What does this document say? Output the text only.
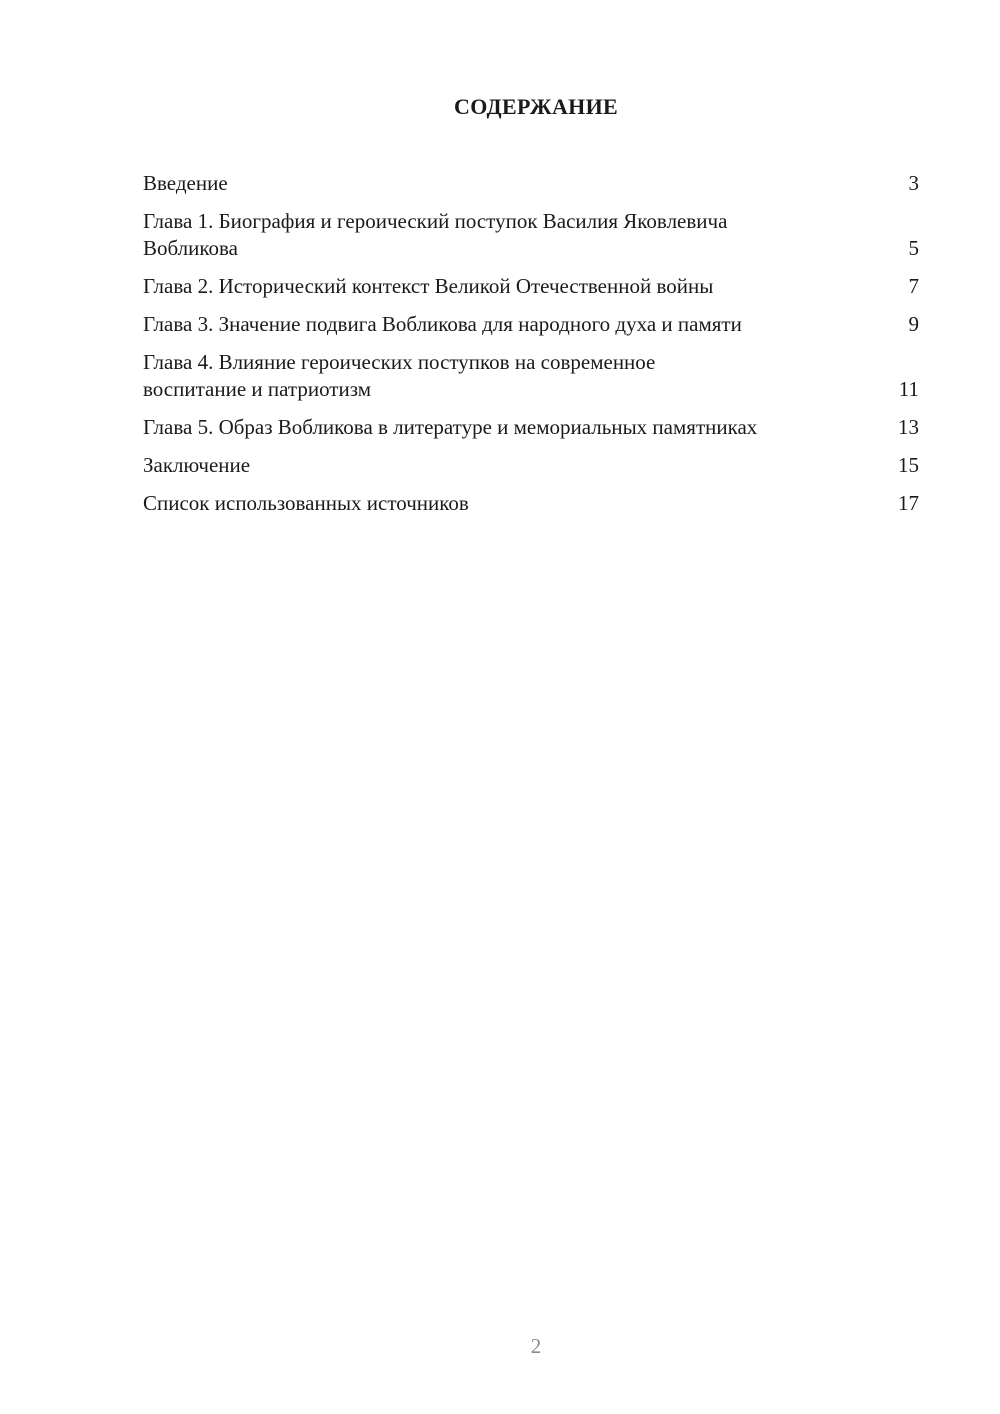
СОДЕРЖАНИЕ
Введение	3
Глава 1. Биография и героический поступок Василия Яковлевича Вобликова	5
Глава 2. Исторический контекст Великой Отечественной войны	7
Глава 3. Значение подвига Вобликова для народного духа и памяти	9
Глава 4. Влияние героических поступков на современное воспитание и патриотизм	11
Глава 5. Образ Вобликова в литературе и мемориальных памятниках	13
Заключение	15
Список использованных источников	17
2
